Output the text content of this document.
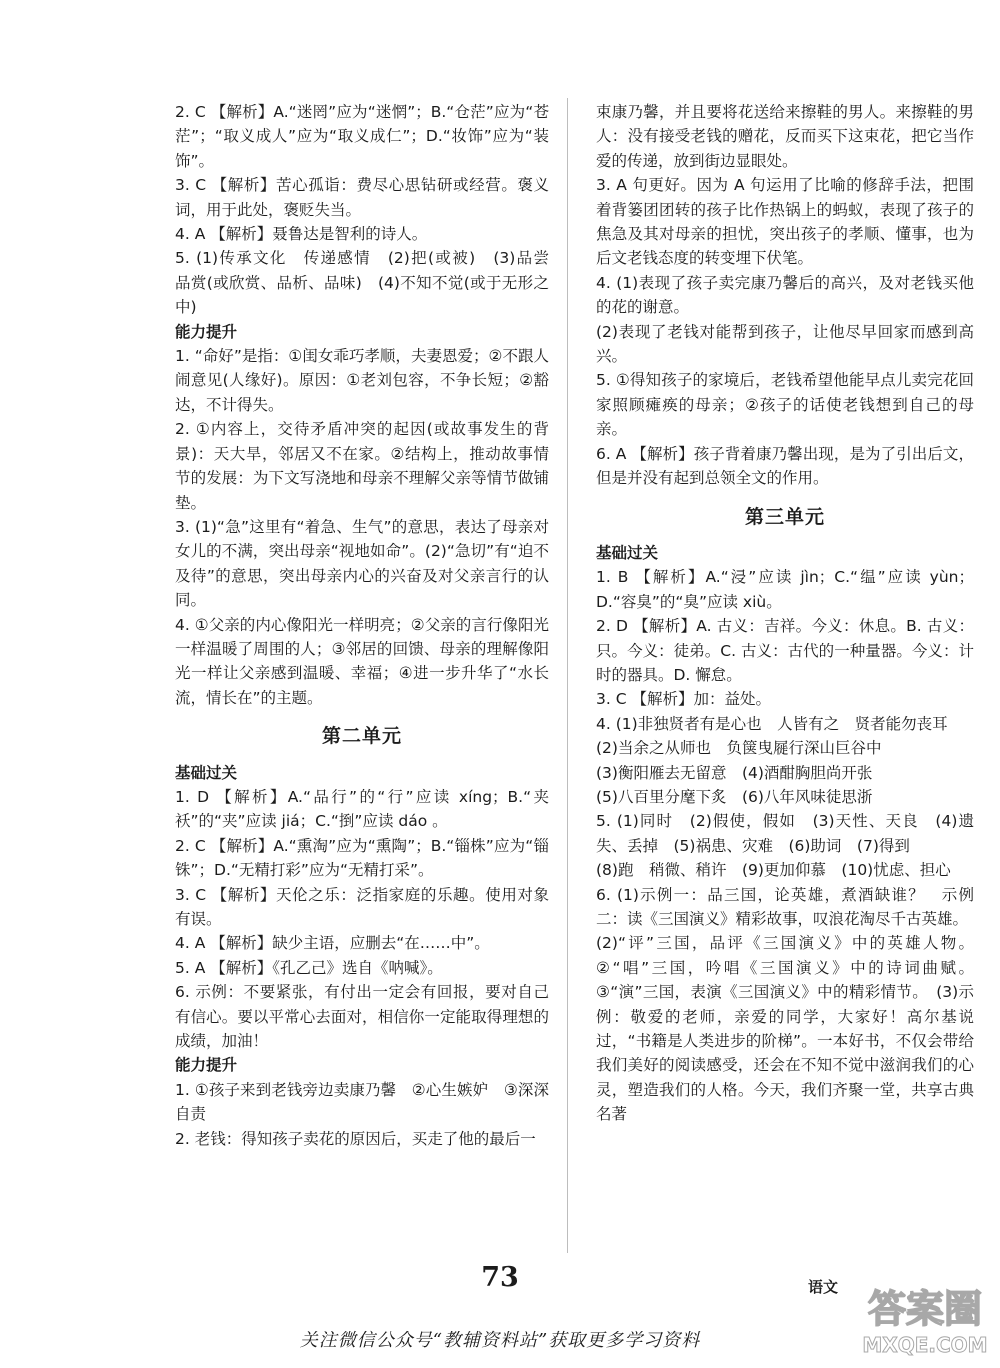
2. C 【解析】A.“迷罔”应为“迷惘”；B.“仓茫”应为“苍茫”；“取义成人”应为“取义成仁”；D.“妆饰”应为“装饰”。

3. C 【解析】苦心孤诣：费尽心思钻研或经营。褒义词，用于此处，褒贬失当。

4. A 【解析】聂鲁达是智利的诗人。

5. (1)传承文化　传递感情　(2)把(或被)　(3)品尝　品赏(或欣赏、品析、品味)　(4)不知不觉(或于无形之中)

能力提升

1. “命好”是指：①闺女乖巧孝顺，夫妻恩爱；②不跟人闹意见(人缘好)。原因：①老刘包容，不争长短；②豁达，不计得失。

2. ①内容上，交待矛盾冲突的起因(或故事发生的背景)：天大旱，邻居又不在家。②结构上，推动故事情节的发展：为下文写浇地和母亲不理解父亲等情节做铺垫。

3. (1)“急”这里有“着急、生气”的意思，表达了母亲对女儿的不满，突出母亲“视地如命”。(2)“急切”有“迫不及待”的意思，突出母亲内心的兴奋及对父亲言行的认同。

4. ①父亲的内心像阳光一样明亮；②父亲的言行像阳光一样温暖了周围的人；③邻居的回馈、母亲的理解像阳光一样让父亲感到温暖、幸福；④进一步升华了“水长流，情长在”的主题。

第二单元

基础过关

1. D 【解析】A.“品行”的“行”应读 xíng；B.“夹袄”的“夹”应读 jiá；C.“捯”应读 dáo 。

2. C 【解析】A.“熏淘”应为“熏陶”；B.“锱株”应为“锱铢”；D.“无精打彩”应为“无精打采”。

3. C 【解析】天伦之乐：泛指家庭的乐趣。使用对象有误。

4. A 【解析】缺少主语，应删去“在……中”。

5. A 【解析】《孔乙己》选自《呐喊》。

6. 示例：不要紧张，有付出一定会有回报，要对自己有信心。要以平常心去面对，相信你一定能取得理想的成绩，加油！

能力提升

1. ①孩子来到老钱旁边卖康乃馨　②心生嫉妒　③深深自责

2. 老钱：得知孩子卖花的原因后，买走了他的最后一

束康乃馨，并且要将花送给来擦鞋的男人。来擦鞋的男人：没有接受老钱的赠花，反而买下这束花，把它当作爱的传递，放到街边显眼处。

3. A 句更好。因为 A 句运用了比喻的修辞手法，把围着背篓团团转的孩子比作热锅上的蚂蚁，表现了孩子的焦急及其对母亲的担忧，突出孩子的孝顺、懂事，也为后文老钱态度的转变埋下伏笔。

4. (1)表现了孩子卖完康乃馨后的高兴，及对老钱买他的花的谢意。

(2)表现了老钱对能帮到孩子，让他尽早回家而感到高兴。

5. ①得知孩子的家境后，老钱希望他能早点儿卖完花回家照顾瘫痪的母亲；②孩子的话使老钱想到自己的母亲。

6. A 【解析】孩子背着康乃馨出现，是为了引出后文，但是并没有起到总领全文的作用。

第三单元

基础过关

1. B 【解析】A.“浸”应读 jìn；C.“缊”应读 yùn；D.“容臭”的“臭”应读 xiù。

2. D 【解析】A. 古义：吉祥。今义：休息。B. 古义：只。今义：徒弟。C. 古义：古代的一种量器。今义：计时的器具。D. 懈怠。

3. C 【解析】加：益处。

4. (1)非独贤者有是心也　人皆有之　贤者能勿丧耳

(2)当余之从师也　负箧曳屣行深山巨谷中

(3)衡阳雁去无留意　(4)酒酣胸胆尚开张

(5)八百里分麾下炙　(6)八年风味徒思浙

5. (1)同时　(2)假使，假如　(3)天性、天良　(4)遗失、丢掉　(5)祸患、灾难　(6)助词　(7)得到

(8)跑　稍微、稍许　(9)更加仰慕　(10)忧虑、担心

6. (1)示例一：品三国，论英雄，煮酒缺谁？　示例二：读《三国演义》精彩故事，叹浪花淘尽千古英雄。

(2)“评”三国，品评《三国演义》中的英雄人物。②“唱”三国，吟唱《三国演义》中的诗词曲赋。③“演”三国，表演《三国演义》中的精彩情节。　(3)示例：敬爱的老师，亲爱的同学，大家好！高尔基说过，“书籍是人类进步的阶梯”。一本好书，不仅会带给我们美好的阅读感受，还会在不知不觉中滋润我们的心灵，塑造我们的人格。今天，我们齐聚一堂，共享古典名著

73	语文 答案圈
MXQE.COM
关注微信公众号“教辅资料站”获取更多学习资料
